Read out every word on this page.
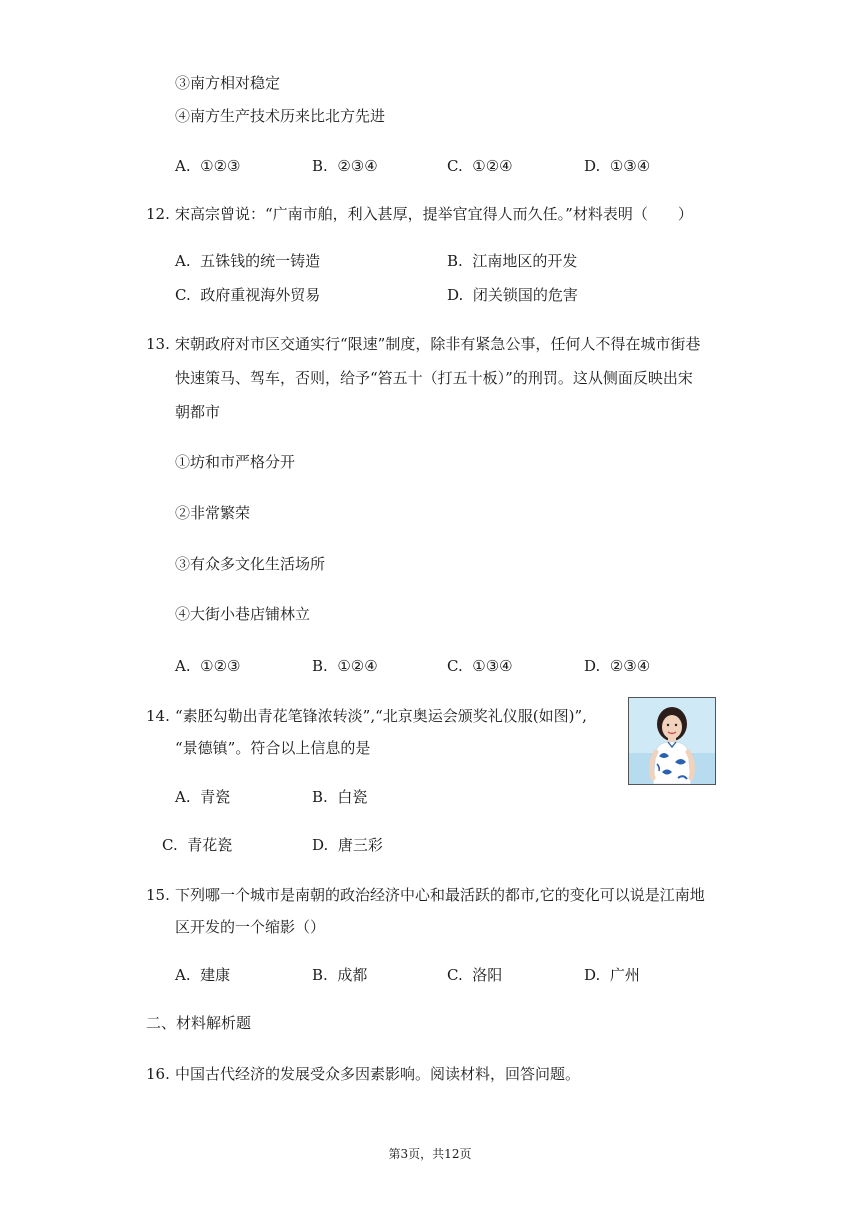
③南方相对稳定
④南方生产技术历来比北方先进
A. ①②③	B. ②③④	C. ①②④	D. ①③④
12. 宋高宗曾说：“广南市舶，利入甚厚，提举官宜得人而久任。”材料表明（　　）
A. 五铢钱的统一铸造	B. 江南地区的开发
C. 政府重视海外贸易	D. 闭关锁国的危害
13. 宋朝政府对市区交通实行“限速”制度，除非有紧急公事，任何人不得在城市街巷
快速策马、驾车，否则，给予“笞五十（打五十板）”的刑罚。这从侧面反映出宋
朝都市
①坊和市严格分开
②非常繁荣
③有众多文化生活场所
④大街小巷店铺林立
A. ①②③	B. ①②④	C. ①③④	D. ②③④
14. “素胚勾勒出青花笔锋浓转淡”,“北京奥运会颁奖礼仪服(如图)”,
“景德镇”。符合以上信息的是
A. 青瓷	B. 白瓷
C. 青花瓷	D. 唐三彩
15. 下列哪一个城市是南朝的政治经济中心和最活跃的都市,它的变化可以说是江南地
区开发的一个缩影（）
A. 建康	B. 成都	C. 洛阳	D. 广州
二、材料解析题
16. 中国古代经济的发展受众多因素影响。阅读材料，回答问题。
第3页，共12页
